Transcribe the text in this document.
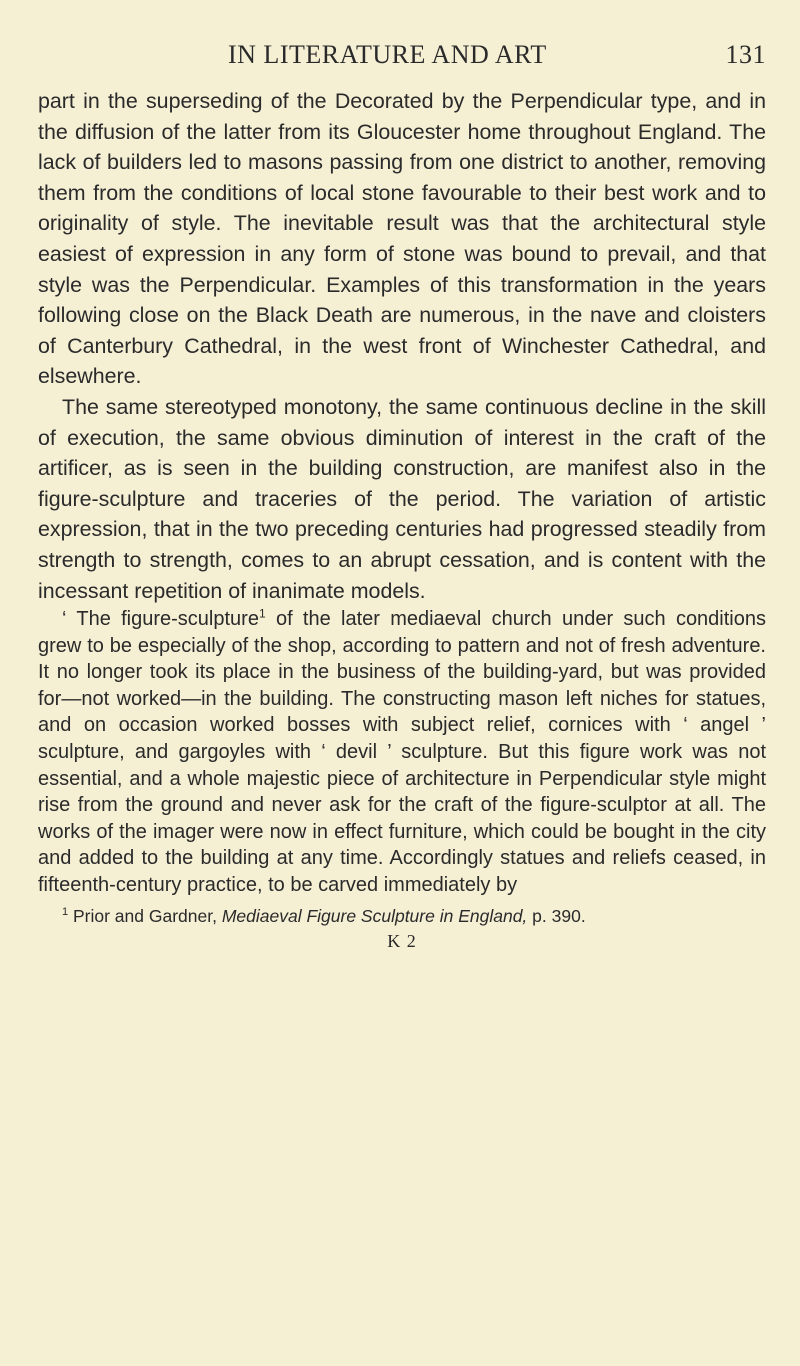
IN LITERATURE AND ART	131

part in the superseding of the Decorated by the Perpendicular type, and in the diffusion of the latter from its Gloucester home throughout England. The lack of builders led to masons passing from one district to another, removing them from the conditions of local stone favourable to their best work and to originality of style. The inevitable result was that the architectural style easiest of expression in any form of stone was bound to prevail, and that style was the Perpendicular. Examples of this transformation in the years following close on the Black Death are numerous, in the nave and cloisters of Canterbury Cathedral, in the west front of Winchester Cathedral, and elsewhere.

The same stereotyped monotony, the same continuous decline in the skill of execution, the same obvious diminution of interest in the craft of the artificer, as is seen in the building construction, are manifest also in the figure-sculpture and traceries of the period. The variation of artistic expression, that in the two preceding centuries had progressed steadily from strength to strength, comes to an abrupt cessation, and is content with the incessant repetition of inanimate models.

‘ The figure-sculpture$^1$ of the later mediaeval church under such conditions grew to be especially of the shop, according to pattern and not of fresh adventure. It no longer took its place in the business of the building-yard, but was provided for—not worked—in the building. The constructing mason left niches for statues, and on occasion worked bosses with subject relief, cornices with ‘ angel ’ sculpture, and gargoyles with ‘ devil ’ sculpture. But this figure work was not essential, and a whole majestic piece of architecture in Perpendicular style might rise from the ground and never ask for the craft of the figure-sculptor at all. The works of the imager were now in effect furniture, which could be bought in the city and added to the building at any time. Accordingly statues and reliefs ceased, in fifteenth-century practice, to be carved immediately by

$^1$ Prior and Gardner, Mediaeval Figure Sculpture in England, p. 390.
K 2
